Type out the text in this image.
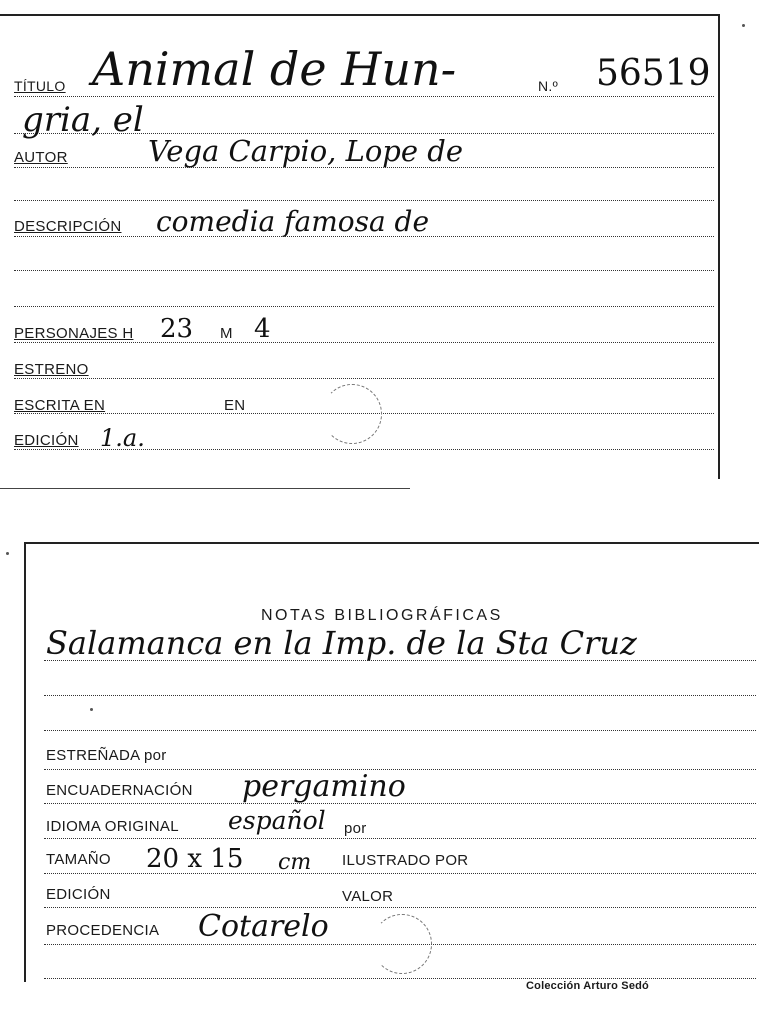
TÍTULO Animal de Hun-	N.º 56519
gria, el
AUTOR	Vega Carpio, Lope de
DESCRIPCIÓN comedia famosa de
PERSONAJES H 23 M 4
ESTRENO
ESCRITA EN	EN
EDICIÓN 1.a.
NOTAS BIBLIOGRÁFICAS
Salamanca en la Imp. de la Sta Cruz
ESTREÑADA por
ENCUADERNACIÓN pergamino
IDIOMA ORIGINAL español por
TAMAÑO 20 x 15 cm ILUSTRADO POR
EDICIÓN	VALOR
PROCEDENCIA Cotarelo
Colección Arturo Sedó
